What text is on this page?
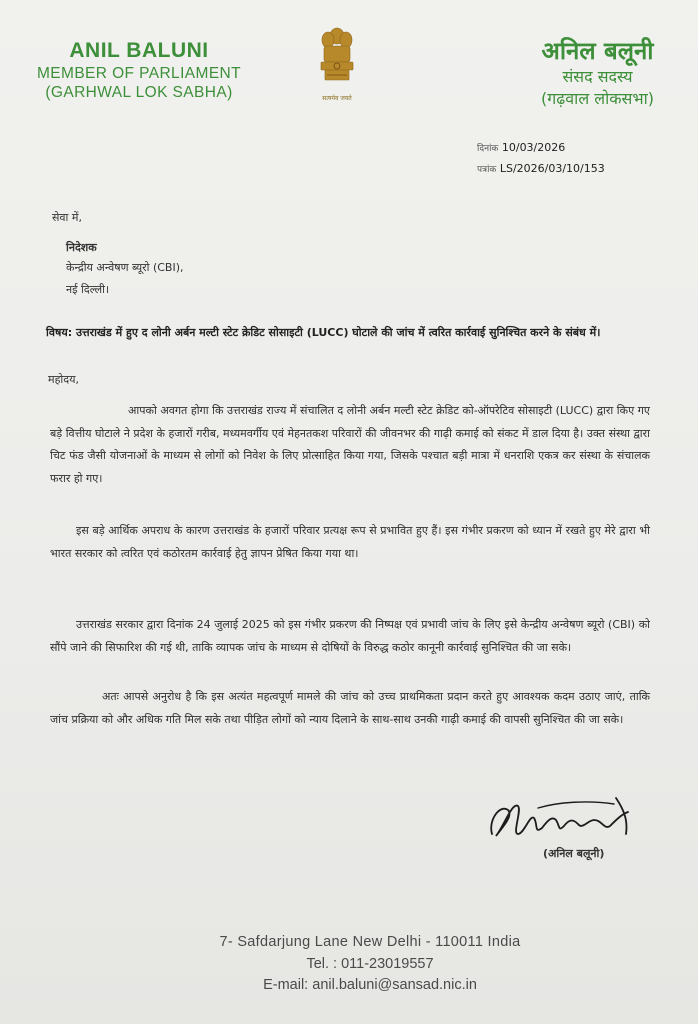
ANIL BALUNI
MEMBER OF PARLIAMENT
(GARHWAL LOK SABHA)	सत्यमेव जयते
अनिल बलूनी
संसद सदस्य
(गढ़वाल लोकसभा)
दिनांक 10/03/2026
पत्रांक LS/2026/03/10/153
सेवा में,
निदेशक
केन्द्रीय अन्वेषण ब्यूरो (CBI),
नई दिल्ली।
विषय: उत्तराखंड में हुए द लोनी अर्बन मल्टी स्टेट क्रेडिट सोसाइटी (LUCC) घोटाले की जांच में त्वरित कार्रवाई सुनिश्चित करने के संबंध में।
महोदय,
आपको अवगत होगा कि उत्तराखंड राज्य में संचालित द लोनी अर्बन मल्टी स्टेट क्रेडिट को-ऑपरेटिव सोसाइटी (LUCC) द्वारा किए गए बड़े वित्तीय घोटाले ने प्रदेश के हजारों गरीब, मध्यमवर्गीय एवं मेहनतकश परिवारों की जीवनभर की गाढ़ी कमाई को संकट में डाल दिया है। उक्त संस्था द्वारा चिट फंड जैसी योजनाओं के माध्यम से लोगों को निवेश के लिए प्रोत्साहित किया गया, जिसके पश्चात बड़ी मात्रा में धनराशि एकत्र कर संस्था के संचालक फरार हो गए।
इस बड़े आर्थिक अपराध के कारण उत्तराखंड के हजारों परिवार प्रत्यक्ष रूप से प्रभावित हुए हैं। इस गंभीर प्रकरण को ध्यान में रखते हुए मेरे द्वारा भी भारत सरकार को त्वरित एवं कठोरतम कार्रवाई हेतु ज्ञापन प्रेषित किया गया था।
उत्तराखंड सरकार द्वारा दिनांक 24 जुलाई 2025 को इस गंभीर प्रकरण की निष्पक्ष एवं प्रभावी जांच के लिए इसे केन्द्रीय अन्वेषण ब्यूरो (CBI) को सौंपे जाने की सिफारिश की गई थी, ताकि व्यापक जांच के माध्यम से दोषियों के विरुद्ध कठोर कानूनी कार्रवाई सुनिश्चित की जा सके।
अतः आपसे अनुरोध है कि इस अत्यंत महत्वपूर्ण मामले की जांच को उच्च प्राथमिकता प्रदान करते हुए आवश्यक कदम उठाए जाएं, ताकि जांच प्रक्रिया को और अधिक गति मिल सके तथा पीड़ित लोगों को न्याय दिलाने के साथ-साथ उनकी गाढ़ी कमाई की वापसी सुनिश्चित की जा सके।
(अनिल बलूनी)
7- Safdarjung Lane New Delhi - 110011 India
Tel. : 011-23019557
E-mail: anil.baluni@sansad.nic.in
